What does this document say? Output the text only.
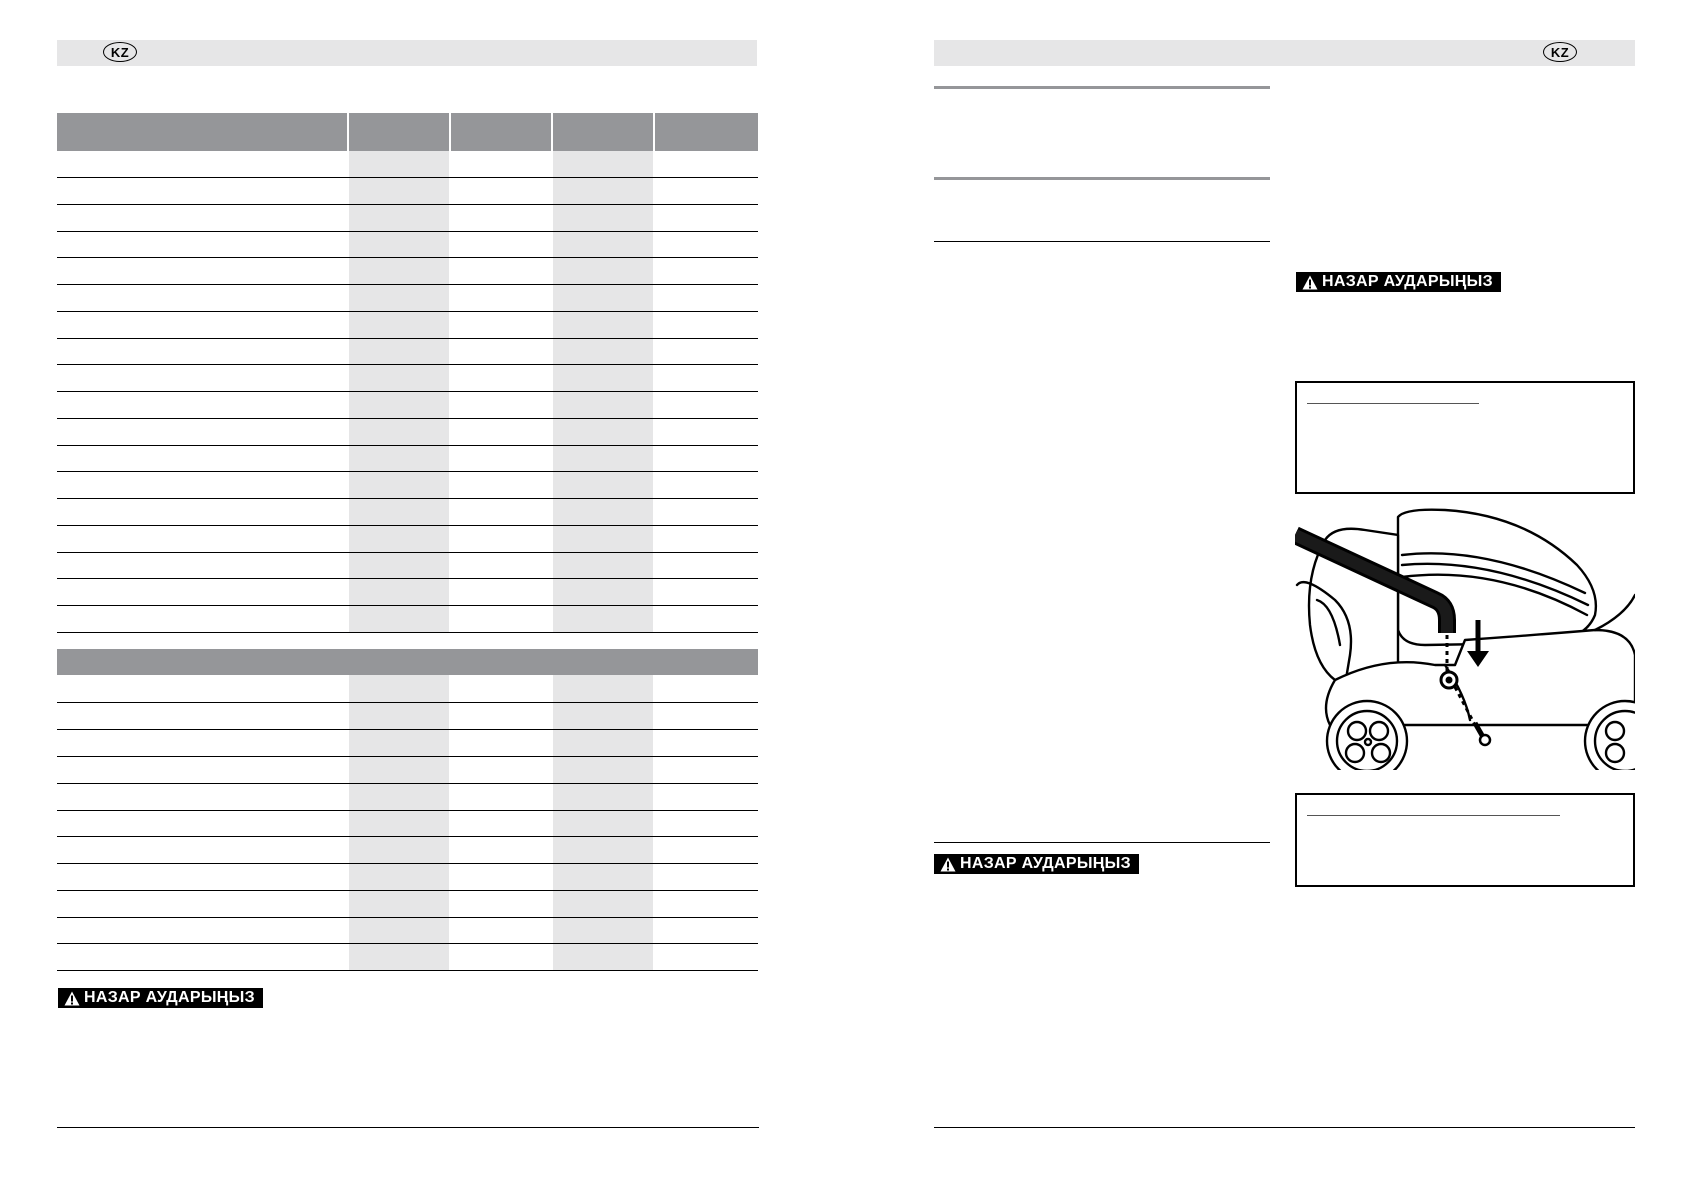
KZ
НАЗАР АУДАРЫҢЫЗ
KZ
НАЗАР АУДАРЫҢЫЗ
НАЗАР АУДАРЫҢЫЗ
